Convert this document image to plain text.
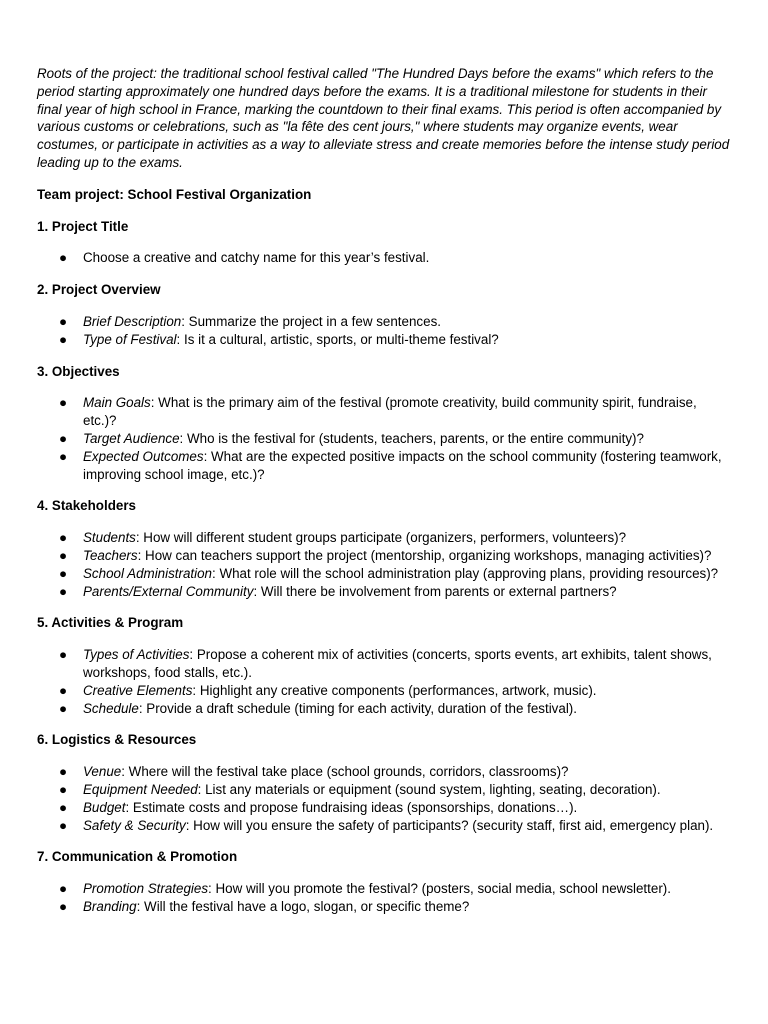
Roots of the project: the traditional school festival called "The Hundred Days before the exams" which refers to the period starting approximately one hundred days before the exams. It is a traditional milestone for students in their final year of high school in France, marking the countdown to their final exams. This period is often accompanied by various customs or celebrations, such as "la fête des cent jours," where students may organize events, wear costumes, or participate in activities as a way to alleviate stress and create memories before the intense study period leading up to the exams.

Team project: School Festival Organization

1. Project Title

● Choose a creative and catchy name for this year’s festival.

2. Project Overview

● Brief Description: Summarize the project in a few sentences.
● Type of Festival: Is it a cultural, artistic, sports, or multi-theme festival?

3. Objectives

● Main Goals: What is the primary aim of the festival (promote creativity, build community spirit, fundraise, etc.)?
● Target Audience: Who is the festival for (students, teachers, parents, or the entire community)?
● Expected Outcomes: What are the expected positive impacts on the school community (fostering teamwork, improving school image, etc.)?

4. Stakeholders

● Students: How will different student groups participate (organizers, performers, volunteers)?
● Teachers: How can teachers support the project (mentorship, organizing workshops, managing activities)?
● School Administration: What role will the school administration play (approving plans, providing resources)?
● Parents/External Community: Will there be involvement from parents or external partners?

5. Activities & Program

● Types of Activities: Propose a coherent mix of activities (concerts, sports events, art exhibits, talent shows, workshops, food stalls, etc.).
● Creative Elements: Highlight any creative components (performances, artwork, music).
● Schedule: Provide a draft schedule (timing for each activity, duration of the festival).

6. Logistics & Resources

● Venue: Where will the festival take place (school grounds, corridors, classrooms)?
● Equipment Needed: List any materials or equipment (sound system, lighting, seating, decoration).
● Budget: Estimate costs and propose fundraising ideas (sponsorships, donations…).
● Safety & Security: How will you ensure the safety of participants? (security staff, first aid, emergency plan).

7. Communication & Promotion

● Promotion Strategies: How will you promote the festival? (posters, social media, school newsletter).
● Branding: Will the festival have a logo, slogan, or specific theme?
